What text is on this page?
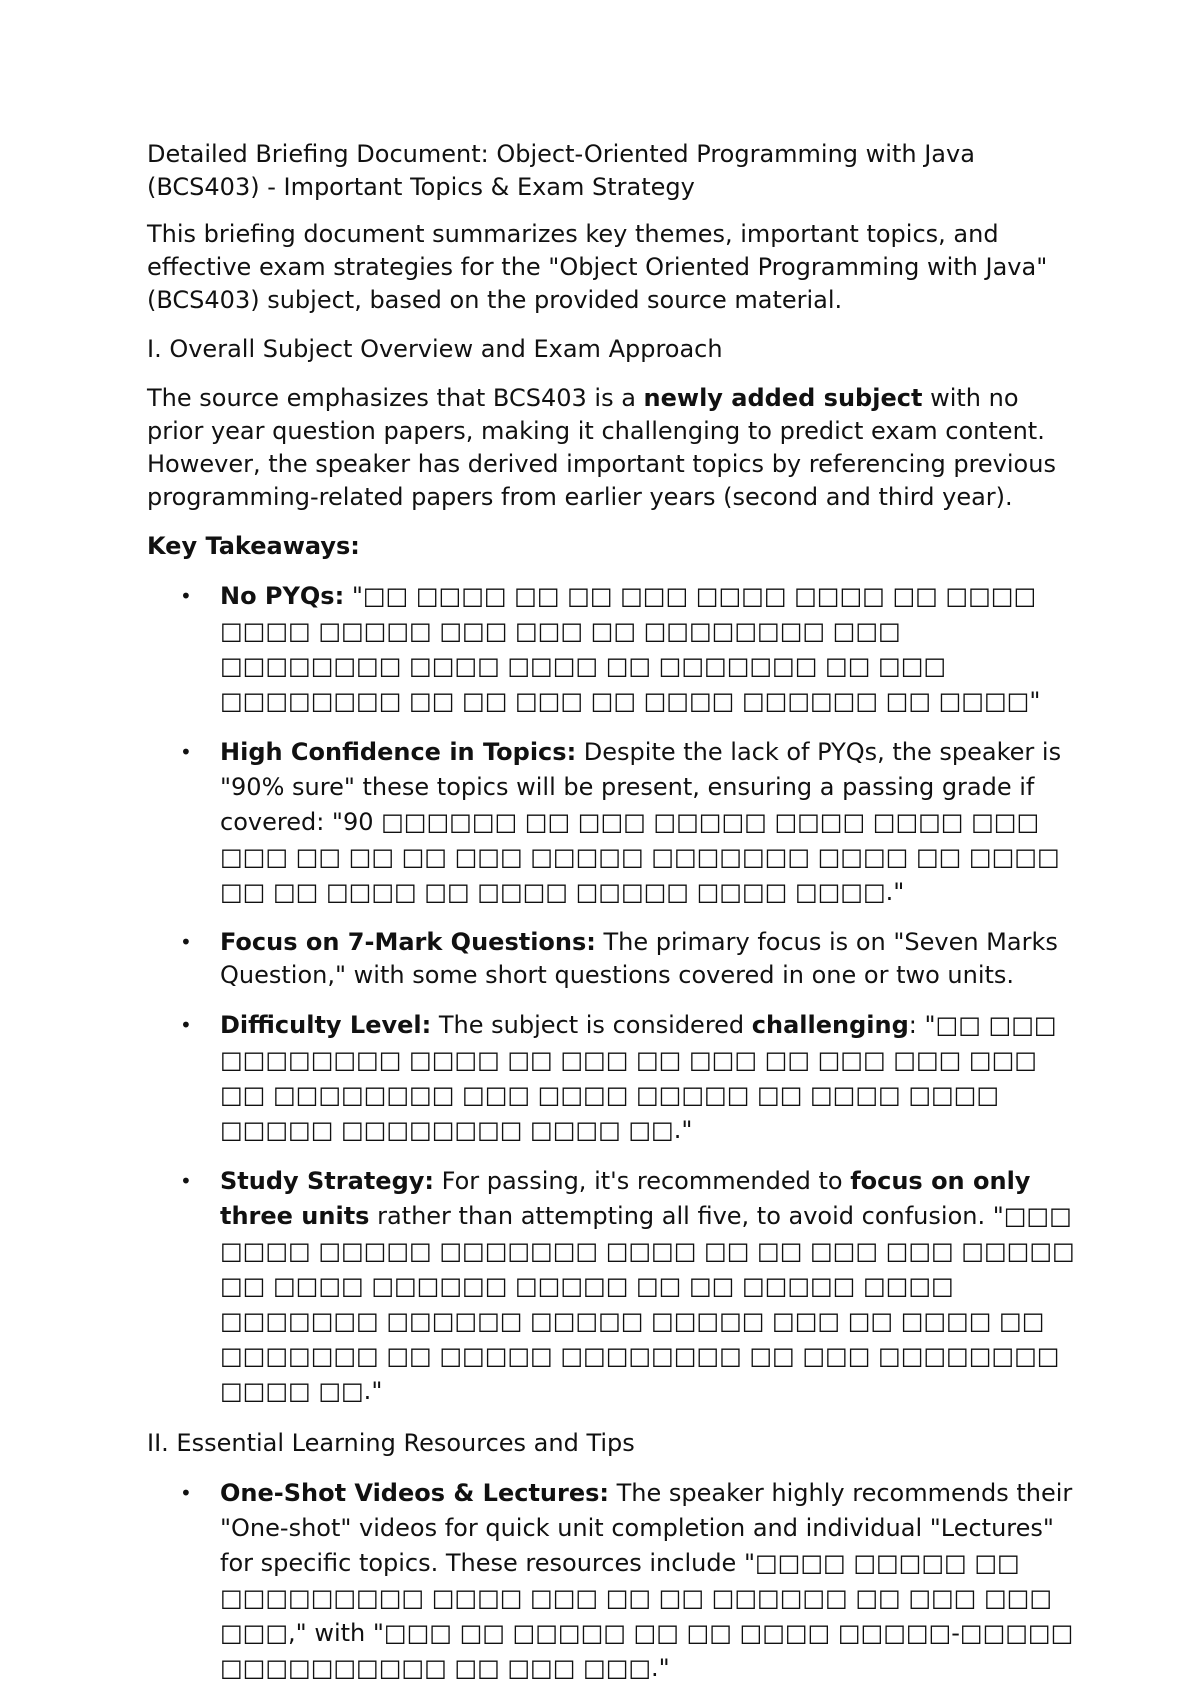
Detailed Briefing Document: Object-Oriented Programming with Java (BCS403) - Important Topics & Exam Strategy

This briefing document summarizes key themes, important topics, and effective exam strategies for the "Object Oriented Programming with Java" (BCS403) subject, based on the provided source material.

I. Overall Subject Overview and Exam Approach

The source emphasizes that BCS403 is a newly added subject with no prior year question papers, making it challenging to predict exam content. However, the speaker has derived important topics by referencing previous programming-related papers from earlier years (second and third year).

Key Takeaways:

• No PYQs: "□□ □□□□ □□ □□ □□□ □□□□ □□□□ □□ □□□□ □□□□ □□□□□ □□□ □□□ □□ □□□□□□□□ □□□ □□□□□□□□ □□□□ □□□□ □□ □□□□□□□ □□ □□□ □□□□□□□□ □□ □□ □□□ □□ □□□□ □□□□□□ □□ □□□□"
• High Confidence in Topics: Despite the lack of PYQs, the speaker is "90% sure" these topics will be present, ensuring a passing grade if covered: "90 □□□□□□ □□ □□□ □□□□□ □□□□ □□□□ □□□ □□□ □□ □□ □□ □□□ □□□□□ □□□□□□□ □□□□ □□ □□□□ □□ □□ □□□□ □□ □□□□ □□□□□ □□□□ □□□□."
• Focus on 7-Mark Questions: The primary focus is on "Seven Marks Question," with some short questions covered in one or two units.
• Difficulty Level: The subject is considered challenging: "□□ □□□ □□□□□□□□ □□□□ □□ □□□ □□ □□□ □□ □□□ □□□ □□□ □□ □□□□□□□□ □□□ □□□□ □□□□□ □□ □□□□ □□□□ □□□□□ □□□□□□□□ □□□□ □□."
• Study Strategy: For passing, it's recommended to focus on only three units rather than attempting all five, to avoid confusion. "□□□ □□□□ □□□□□ □□□□□□□ □□□□ □□ □□ □□□ □□□ □□□□□ □□ □□□□ □□□□□□ □□□□□ □□ □□ □□□□□ □□□□ □□□□□□□ □□□□□□ □□□□□ □□□□□ □□□ □□ □□□□ □□ □□□□□□□ □□ □□□□□ □□□□□□□□ □□ □□□ □□□□□□□□ □□□□ □□."

II. Essential Learning Resources and Tips

• One-Shot Videos & Lectures: The speaker highly recommends their "One-shot" videos for quick unit completion and individual "Lectures" for specific topics. These resources include "□□□□ □□□□□ □□ □□□□□□□□□ □□□□ □□□ □□ □□ □□□□□□ □□ □□□ □□□ □□□," with "□□□ □□ □□□□□ □□ □□ □□□□ □□□□□-□□□□□ □□□□□□□□□□ □□ □□□ □□□."
